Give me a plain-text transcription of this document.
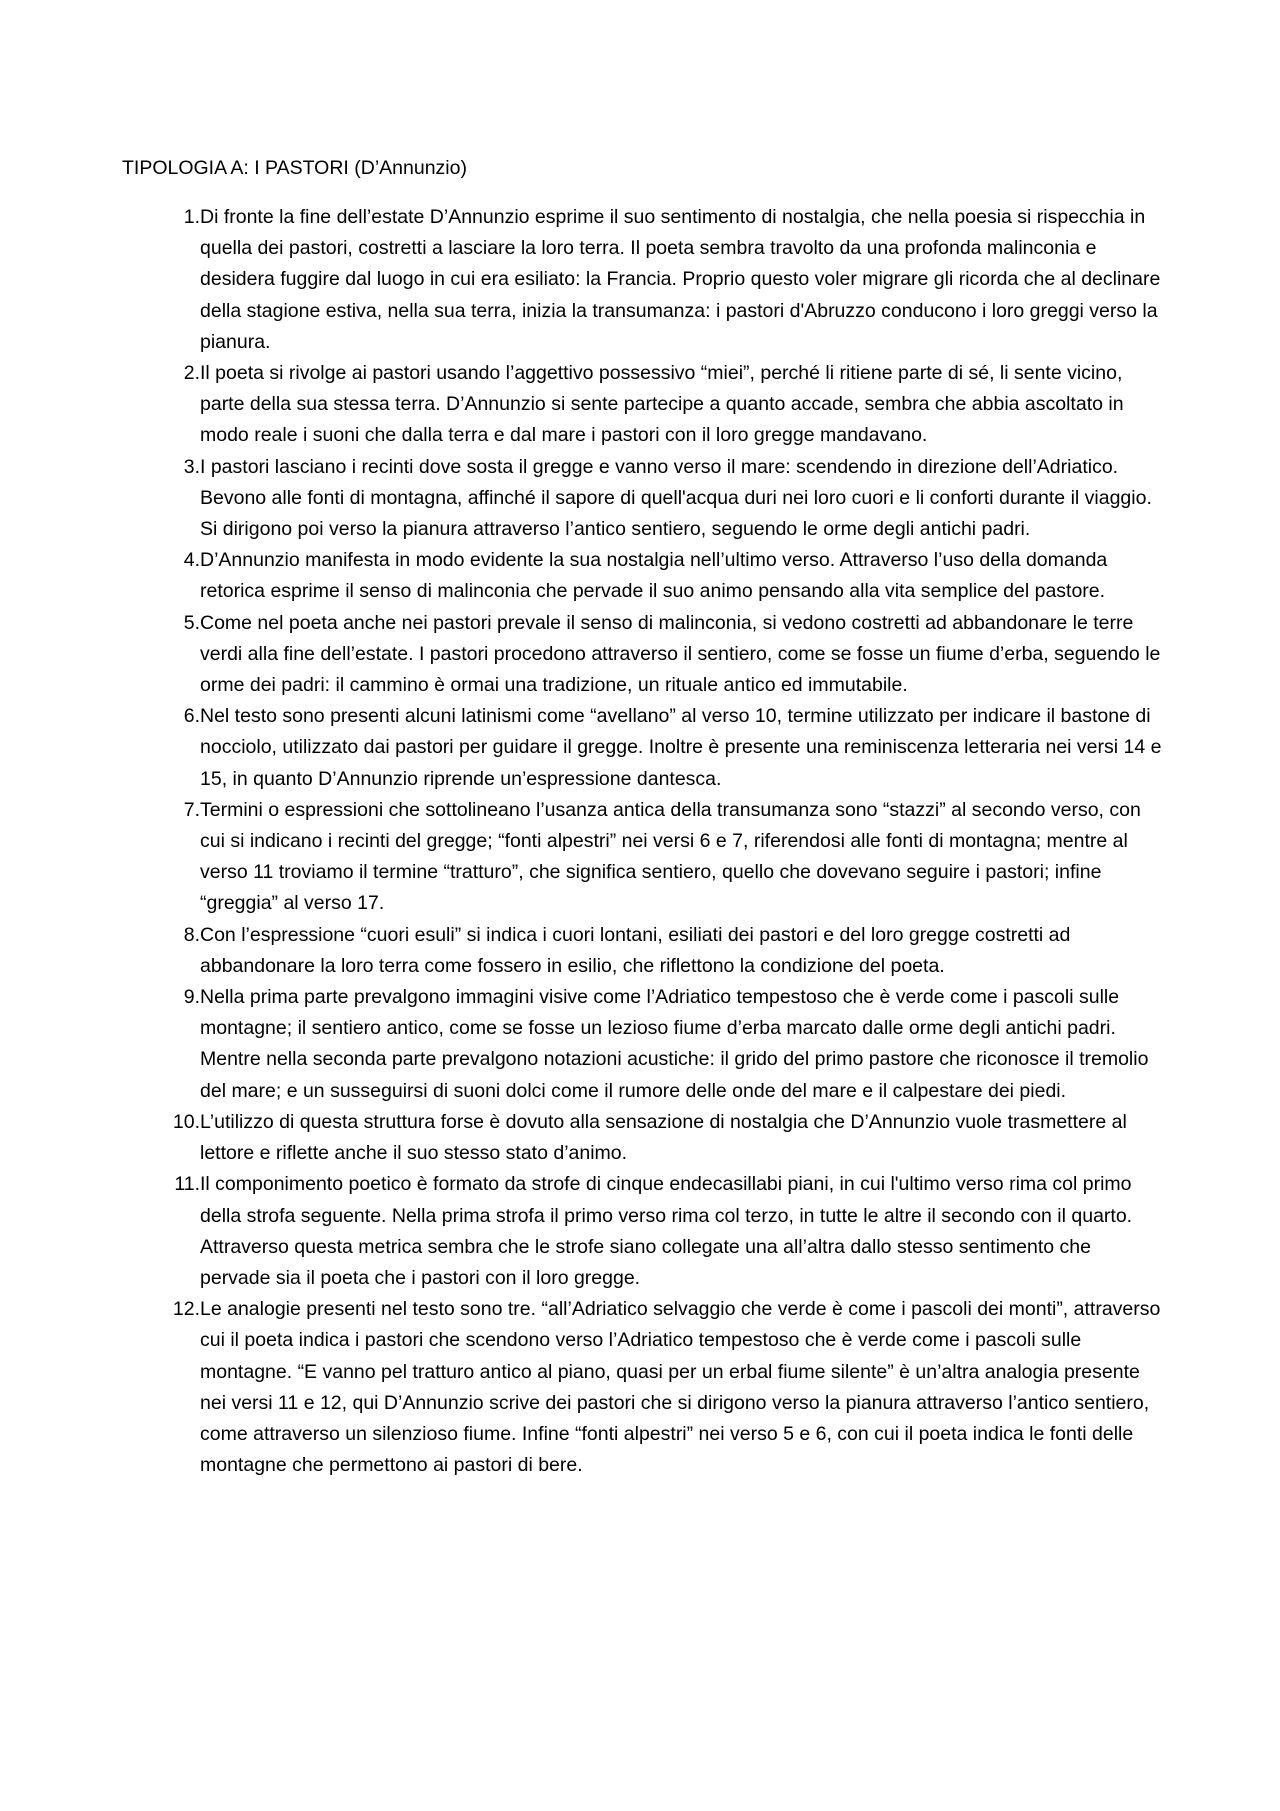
TIPOLOGIA A: I PASTORI (D’Annunzio)
1. Di fronte la fine dell’estate D’Annunzio esprime il suo sentimento di nostalgia, che nella poesia si rispecchia in quella dei pastori, costretti a lasciare la loro terra. Il poeta sembra travolto da una profonda malinconia e desidera fuggire dal luogo in cui era esiliato: la Francia. Proprio questo voler migrare gli ricorda che al declinare della stagione estiva, nella sua terra, inizia la transumanza: i pastori d'Abruzzo conducono i loro greggi verso la pianura.
2. Il poeta si rivolge ai pastori usando l’aggettivo possessivo “miei”, perché li ritiene parte di sé, li sente vicino, parte della sua stessa terra. D’Annunzio si sente partecipe a quanto accade, sembra che abbia ascoltato in modo reale i suoni che dalla terra e dal mare i pastori con il loro gregge mandavano.
3. I pastori lasciano i recinti dove sosta il gregge e vanno verso il mare: scendendo in direzione dell’Adriatico. Bevono alle fonti di montagna, affinché il sapore di quell'acqua duri nei loro cuori e li conforti durante il viaggio. Si dirigono poi verso la pianura attraverso l’antico sentiero, seguendo le orme degli antichi padri.
4. D’Annunzio manifesta in modo evidente la sua nostalgia nell’ultimo verso. Attraverso l’uso della domanda retorica esprime il senso di malinconia che pervade il suo animo pensando alla vita semplice del pastore.
5. Come nel poeta anche nei pastori prevale il senso di malinconia, si vedono costretti ad abbandonare le terre verdi alla fine dell’estate. I pastori procedono attraverso il sentiero, come se fosse un fiume d’erba, seguendo le orme dei padri: il cammino è ormai una tradizione, un rituale antico ed immutabile.
6. Nel testo sono presenti alcuni latinismi come “avellano” al verso 10, termine utilizzato per indicare il bastone di nocciolo, utilizzato dai pastori per guidare il gregge. Inoltre è presente una reminiscenza letteraria nei versi 14 e 15, in quanto D’Annunzio riprende un’espressione dantesca.
7. Termini o espressioni che sottolineano l’usanza antica della transumanza sono “stazzi” al secondo verso, con cui si indicano i recinti del gregge; “fonti alpestri” nei versi 6 e 7, riferendosi alle fonti di montagna; mentre al verso 11 troviamo il termine “tratturo”, che significa sentiero, quello che dovevano seguire i pastori; infine “greggia” al verso 17.
8. Con l’espressione “cuori esuli” si indica i cuori lontani, esiliati dei pastori e del loro gregge costretti ad abbandonare la loro terra come fossero in esilio, che riflettono la condizione del poeta.
9. Nella prima parte prevalgono immagini visive come l’Adriatico tempestoso che è verde come i pascoli sulle montagne; il sentiero antico, come se fosse un lezioso fiume d’erba marcato dalle orme degli antichi padri. Mentre nella seconda parte prevalgono notazioni acustiche: il grido del primo pastore che riconosce il tremolio del mare; e un susseguirsi di suoni dolci come il rumore delle onde del mare e il calpestare dei piedi.
10. L’utilizzo di questa struttura forse è dovuto alla sensazione di nostalgia che D’Annunzio vuole trasmettere al lettore e riflette anche il suo stesso stato d’animo.
11. Il componimento poetico è formato da strofe di cinque endecasillabi piani, in cui l'ultimo verso rima col primo della strofa seguente. Nella prima strofa il primo verso rima col terzo, in tutte le altre il secondo con il quarto. Attraverso questa metrica sembra che le strofe siano collegate una all’altra dallo stesso sentimento che pervade sia il poeta che i pastori con il loro gregge.
12. Le analogie presenti nel testo sono tre. “all’Adriatico selvaggio che verde è come i pascoli dei monti”, attraverso cui il poeta indica i pastori che scendono verso l’Adriatico tempestoso che è verde come i pascoli sulle montagne. “E vanno pel tratturo antico al piano, quasi per un erbal fiume silente” è un’altra analogia presente nei versi 11 e 12, qui D’Annunzio scrive dei pastori che si dirigono verso la pianura attraverso l’antico sentiero, come attraverso un silenzioso fiume. Infine “fonti alpestri” nei verso 5 e 6, con cui il poeta indica le fonti delle montagne che permettono ai pastori di bere.
